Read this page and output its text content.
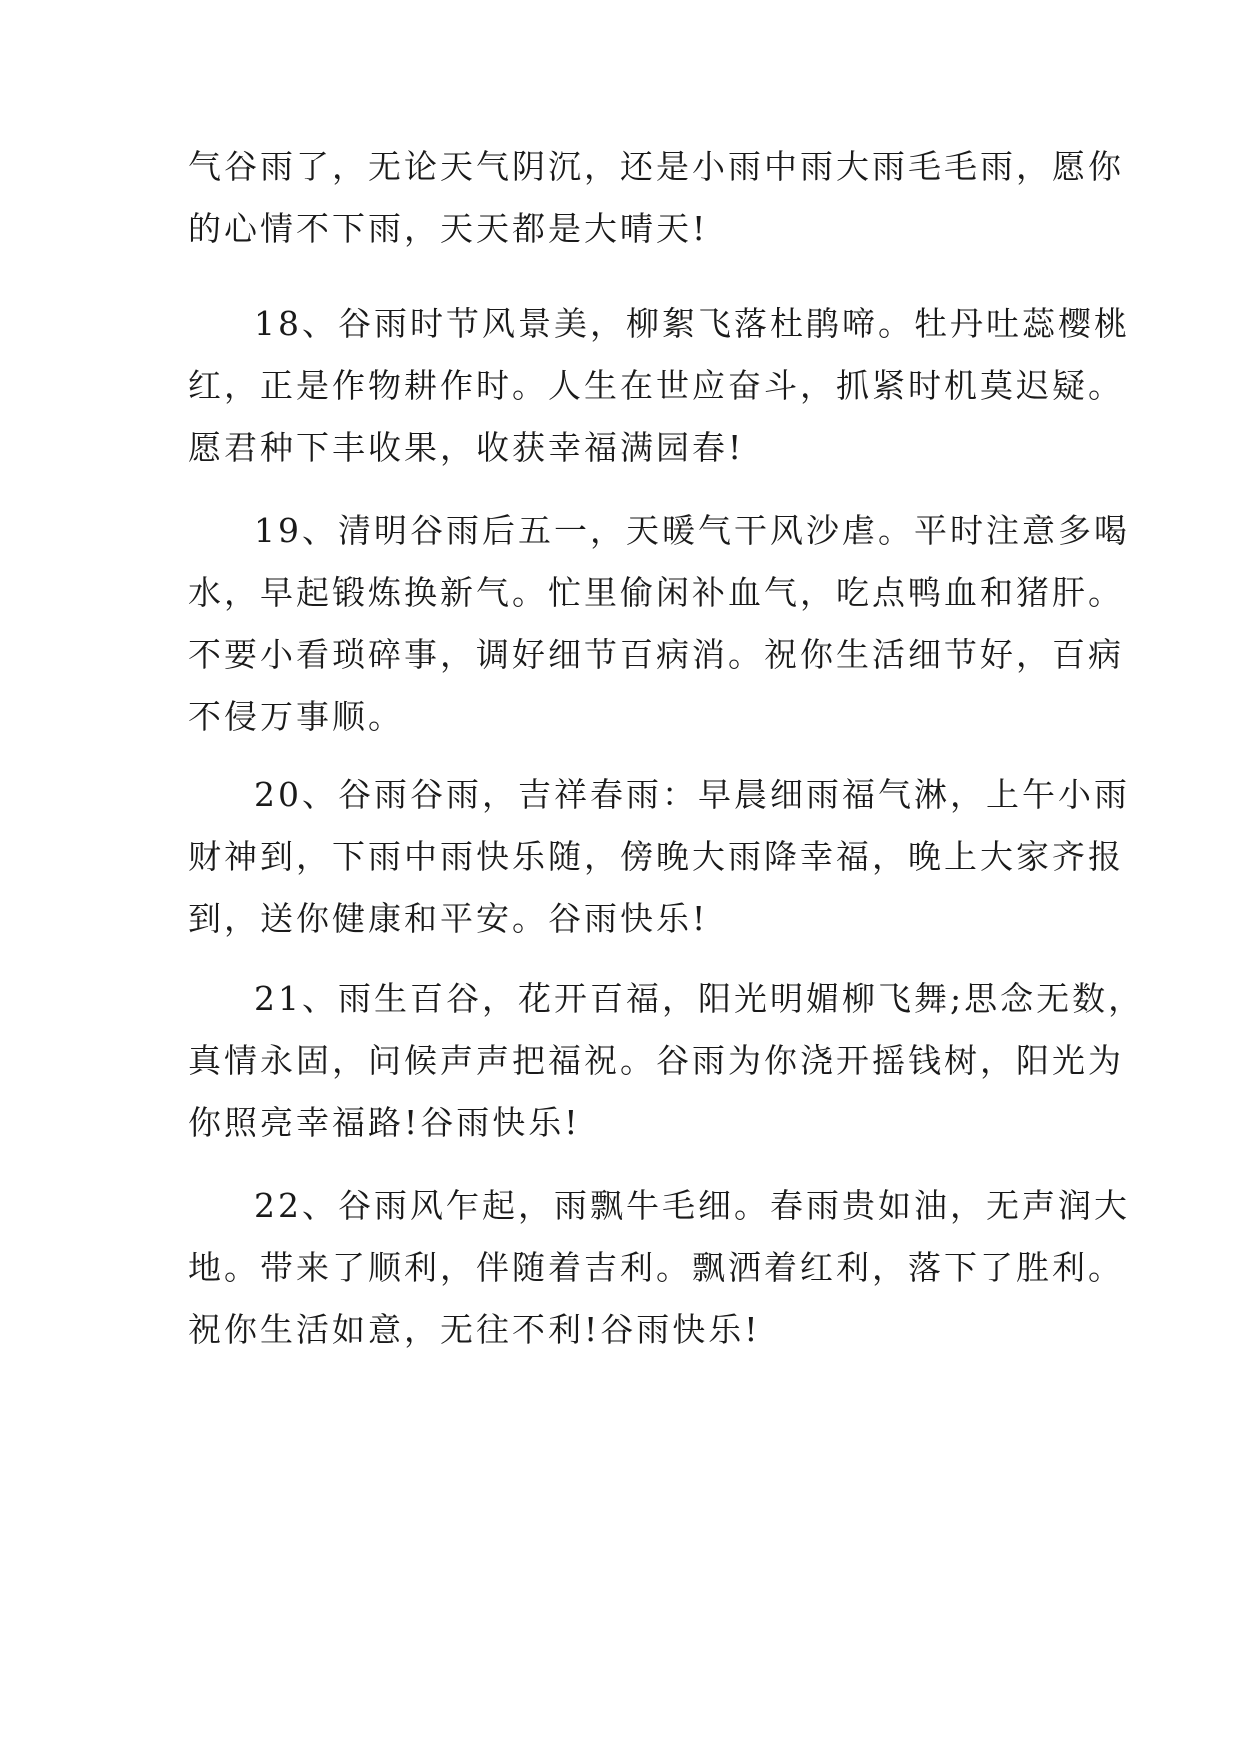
气谷雨了，无论天气阴沉，还是小雨中雨大雨毛毛雨，愿你
的心情不下雨，天天都是大晴天!
18、谷雨时节风景美，柳絮飞落杜鹃啼。牡丹吐蕊樱桃
红，正是作物耕作时。人生在世应奋斗，抓紧时机莫迟疑。
愿君种下丰收果，收获幸福满园春!
19、清明谷雨后五一，天暖气干风沙虐。平时注意多喝
水，早起锻炼换新气。忙里偷闲补血气，吃点鸭血和猪肝。
不要小看琐碎事，调好细节百病消。祝你生活细节好，百病
不侵万事顺。
20、谷雨谷雨，吉祥春雨：早晨细雨福气淋，上午小雨
财神到，下雨中雨快乐随，傍晚大雨降幸福，晚上大家齐报
到，送你健康和平安。谷雨快乐!
21、雨生百谷，花开百福，阳光明媚柳飞舞;思念无数，
真情永固，问候声声把福祝。谷雨为你浇开摇钱树，阳光为
你照亮幸福路!谷雨快乐!
22、谷雨风乍起，雨飘牛毛细。春雨贵如油，无声润大
地。带来了顺利，伴随着吉利。飘洒着红利，落下了胜利。
祝你生活如意，无往不利!谷雨快乐!
